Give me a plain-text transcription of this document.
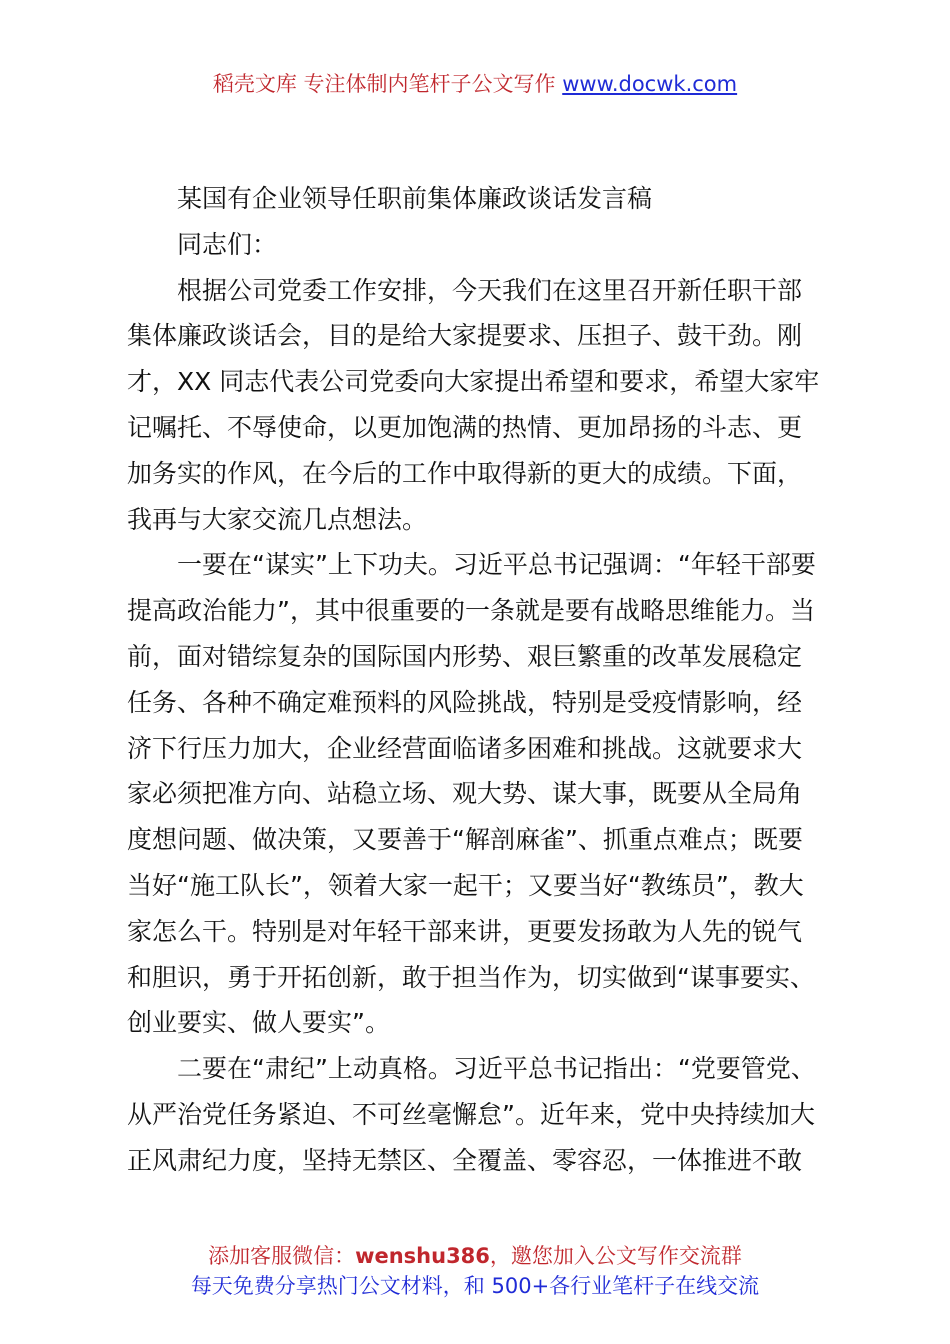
稻壳文库 专注体制内笔杆子公文写作 www.docwk.com
　　某国有企业领导任职前集体廉政谈话发言稿
　　同志们：
　　根据公司党委工作安排，今天我们在这里召开新任职干部
集体廉政谈话会，目的是给大家提要求、压担子、鼓干劲。刚
才，XX 同志代表公司党委向大家提出希望和要求，希望大家牢
记嘱托、不辱使命，以更加饱满的热情、更加昂扬的斗志、更
加务实的作风，在今后的工作中取得新的更大的成绩。下面，
我再与大家交流几点想法。
　　一要在“谋实”上下功夫。习近平总书记强调：“年轻干部要
提高政治能力”，其中很重要的一条就是要有战略思维能力。当
前，面对错综复杂的国际国内形势、艰巨繁重的改革发展稳定
任务、各种不确定难预料的风险挑战，特别是受疫情影响，经
济下行压力加大，企业经营面临诸多困难和挑战。这就要求大
家必须把准方向、站稳立场、观大势、谋大事，既要从全局角
度想问题、做决策，又要善于“解剖麻雀”、抓重点难点；既要
当好“施工队长”，领着大家一起干；又要当好“教练员”，教大
家怎么干。特别是对年轻干部来讲，更要发扬敢为人先的锐气
和胆识，勇于开拓创新，敢于担当作为，切实做到“谋事要实、
创业要实、做人要实”。
　　二要在“肃纪”上动真格。习近平总书记指出：“党要管党、
从严治党任务紧迫、不可丝毫懈怠”。近年来，党中央持续加大
正风肃纪力度，坚持无禁区、全覆盖、零容忍，一体推进不敢
添加客服微信：wenshu386，邀您加入公文写作交流群
每天免费分享热门公文材料，和 500+各行业笔杆子在线交流
